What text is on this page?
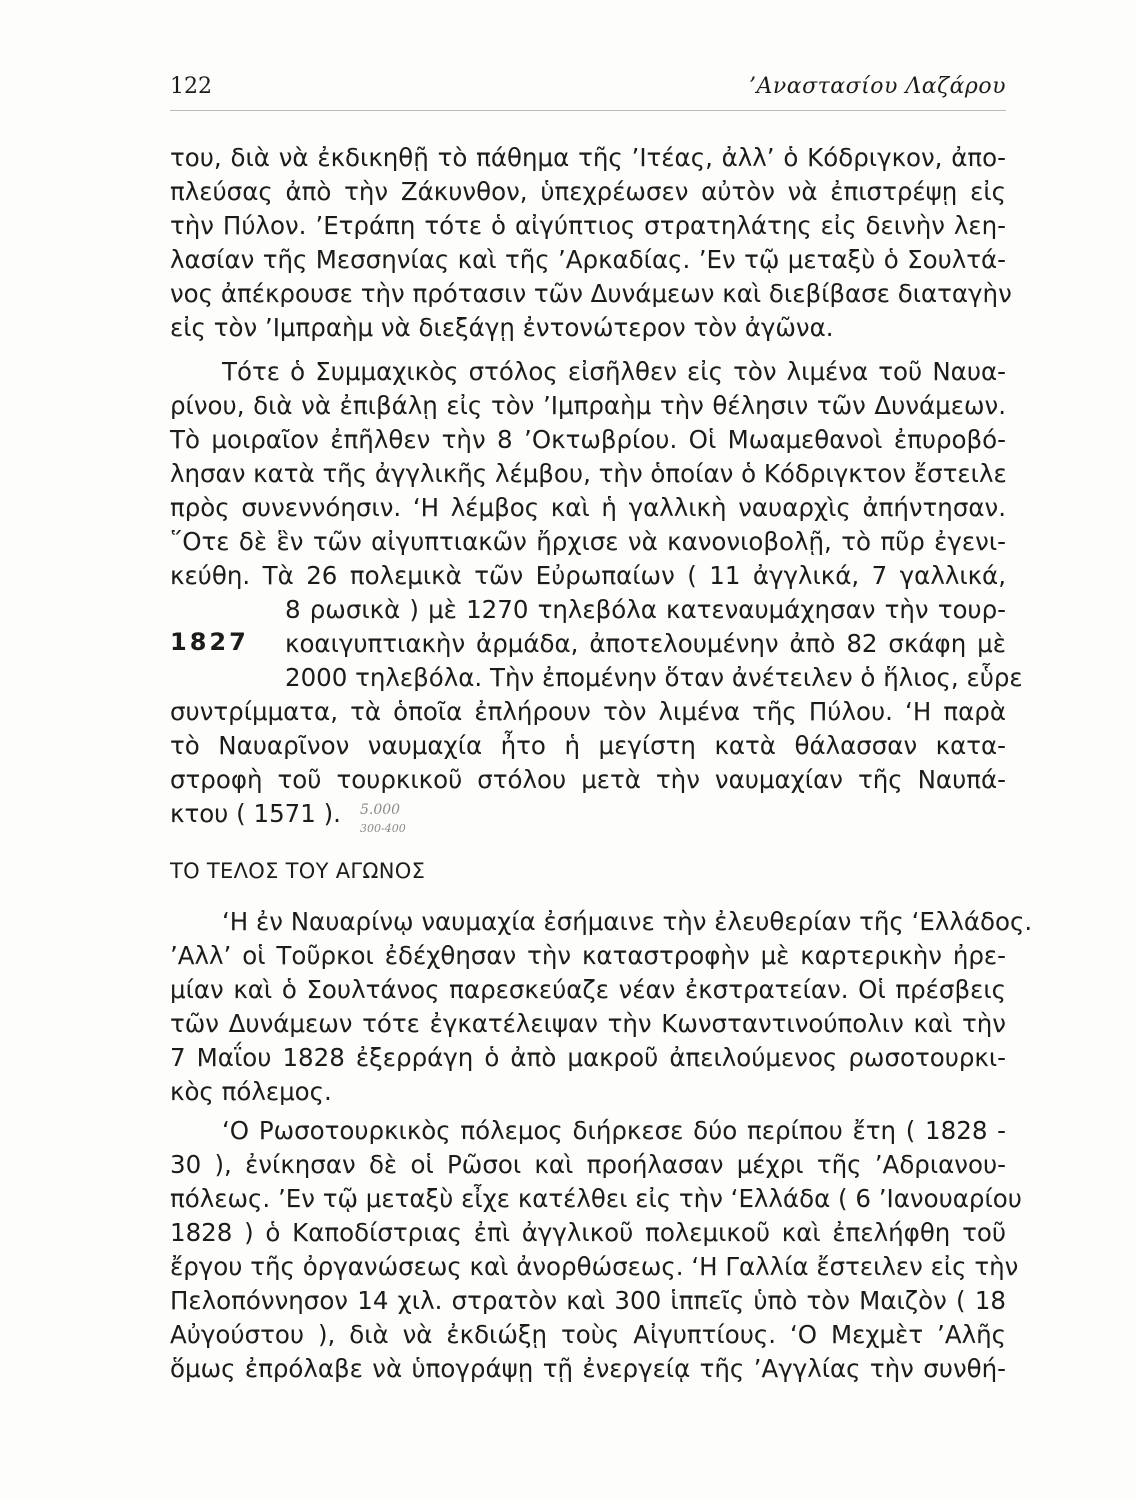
122	’Αναστασίου Λαζάρου
του, διὰ νὰ ἐκδικηθῇ τὸ πάθημα τῆς ’Ιτέας, ἀλλ’ ὁ Κόδριγκον, ἀπο-
πλεύσας ἀπὸ τὴν Ζάκυνθον, ὑπεχρέωσεν αὐτὸν νὰ ἐπιστρέψῃ εἰς
τὴν Πύλον. ’Ετράπη τότε ὁ αἰγύπτιος στρατηλάτης εἰς δεινὴν λεη-
λασίαν τῆς Μεσσηνίας καὶ τῆς ’Αρκαδίας. ’Εν τῷ μεταξὺ ὁ Σουλτά-
νος ἀπέκρουσε τὴν πρότασιν τῶν Δυνάμεων καὶ διεβίβασε διαταγὴν
εἰς τὸν ’Ιμπραὴμ νὰ διεξάγῃ ἐντονώτερον τὸν ἀγῶνα.
Τότε ὁ Συμμαχικὸς στόλος εἰσῆλθεν εἰς τὸν λιμένα τοῦ Ναυα-
ρίνου, διὰ νὰ ἐπιβάλῃ εἰς τὸν ’Ιμπραὴμ τὴν θέλησιν τῶν Δυνάμεων.
Τὸ μοιραῖον ἐπῆλθεν τὴν 8 ’Οκτωβρίου. Οἱ Μωαμεθανοὶ ἐπυροβό-
λησαν κατὰ τῆς ἀγγλικῆς λέμβου, τὴν ὁποίαν ὁ Κόδριγκτον ἔστειλε
πρὸς συνεννόησιν. ‘Η λέμβος καὶ ἡ γαλλικὴ ναυαρχὶς ἀπήντησαν.
῞Οτε δὲ ἓν τῶν αἰγυπτιακῶν ἤρχισε νὰ κανονιοβολῇ, τὸ πῦρ ἐγενι-
κεύθη. Τὰ 26 πολεμικὰ τῶν Εὐρωπαίων ( 11 ἀγγλικά, 7 γαλλικά,
1827
8 ρωσικὰ ) μὲ 1270 τηλεβόλα κατεναυμάχησαν τὴν τουρ-
κοαιγυπτιακὴν ἀρμάδα, ἀποτελουμένην ἀπὸ 82 σκάφη μὲ
2000 τηλεβόλα. Τὴν ἐπομένην ὅταν ἀνέτειλεν ὁ ἥλιος, εὗρε
συντρίμματα, τὰ ὁποῖα ἐπλήρουν τὸν λιμένα τῆς Πύλου. ‘Η παρὰ
τὸ Ναυαρῖνον ναυμαχία ἦτο ἡ μεγίστη κατὰ θάλασσαν κατα-
στροφὴ τοῦ τουρκικοῦ στόλου μετὰ τὴν ναυμαχίαν τῆς Ναυπά-
κτου ( 1571 ).	5.000
300-400
ΤΟ ΤΕΛΟΣ ΤΟΥ ΑΓΩΝΟΣ
‘Η ἐν Ναυαρίνῳ ναυμαχία ἐσήμαινε τὴν ἐλευθερίαν τῆς ‘Ελλάδος.
’Αλλ’ οἱ Τοῦρκοι ἐδέχθησαν τὴν καταστροφὴν μὲ καρτερικὴν ἠρε-
μίαν καὶ ὁ Σουλτάνος παρεσκεύαζε νέαν ἐκστρατείαν. Οἱ πρέσβεις
τῶν Δυνάμεων τότε ἐγκατέλειψαν τὴν Κωνσταντινούπολιν καὶ τὴν
7 Μαΐου 1828 ἐξερράγη ὁ ἀπὸ μακροῦ ἀπειλούμενος ρωσοτουρκι-
κὸς πόλεμος.
‘Ο Ρωσοτουρκικὸς πόλεμος διήρκεσε δύο περίπου ἔτη ( 1828 -
30 ), ἐνίκησαν δὲ οἱ Ρῶσοι καὶ προήλασαν μέχρι τῆς ’Αδριανου-
πόλεως. ’Εν τῷ μεταξὺ εἶχε κατέλθει εἰς τὴν ‘Ελλάδα ( 6 ’Ιανουαρίου
1828 ) ὁ Καποδίστριας ἐπὶ ἀγγλικοῦ πολεμικοῦ καὶ ἐπελήφθη τοῦ
ἔργου τῆς ὀργανώσεως καὶ ἀνορθώσεως. ‘Η Γαλλία ἔστειλεν εἰς τὴν
Πελοπόννησον 14 χιλ. στρατὸν καὶ 300 ἱππεῖς ὑπὸ τὸν Μαιζὸν ( 18
Αὐγούστου ), διὰ νὰ ἐκδιώξῃ τοὺς Αἰγυπτίους. ‘Ο Μεχμὲτ ’Αλῆς
ὅμως ἐπρόλαβε νὰ ὑπογράψῃ τῇ ἐνεργείᾳ τῆς ’Αγγλίας τὴν συνθή-
